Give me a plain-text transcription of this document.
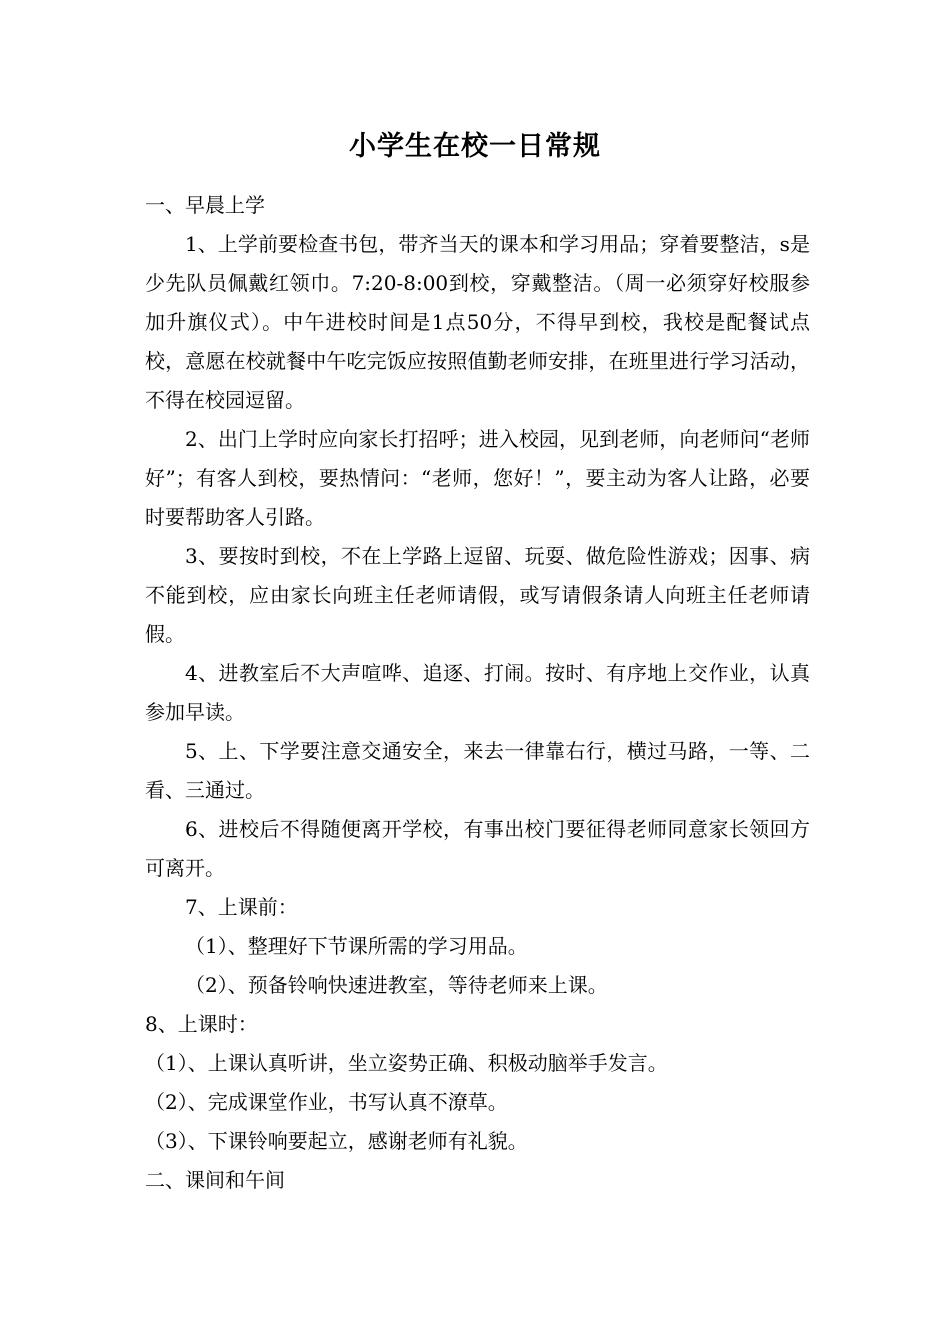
小学生在校一日常规
一、早晨上学
1、上学前要检查书包，带齐当天的课本和学习用品；穿着要整洁，s是少先队员佩戴红领巾。7:20-8:00到校，穿戴整洁。（周一必须穿好校服参加升旗仪式）。中午进校时间是1点50分，不得早到校，我校是配餐试点校，意愿在校就餐中午吃完饭应按照值勤老师安排，在班里进行学习活动，不得在校园逗留。
2、出门上学时应向家长打招呼；进入校园，见到老师，向老师问“老师好”；有客人到校，要热情问：“老师，您好！”，要主动为客人让路，必要时要帮助客人引路。
3、要按时到校，不在上学路上逗留、玩耍、做危险性游戏；因事、病不能到校，应由家长向班主任老师请假，或写请假条请人向班主任老师请假。
4、进教室后不大声喧哗、追逐、打闹。按时、有序地上交作业，认真参加早读。
5、上、下学要注意交通安全，来去一律靠右行，横过马路，一等、二看、三通过。
6、进校后不得随便离开学校，有事出校门要征得老师同意家长领回方可离开。
7、上课前：
（1）、整理好下节课所需的学习用品。
（2）、预备铃响快速进教室，等待老师来上课。
8、上课时：
（1）、上课认真听讲，坐立姿势正确、积极动脑举手发言。
（2）、完成课堂作业，书写认真不潦草。
（3）、下课铃响要起立，感谢老师有礼貌。
二、课间和午间
